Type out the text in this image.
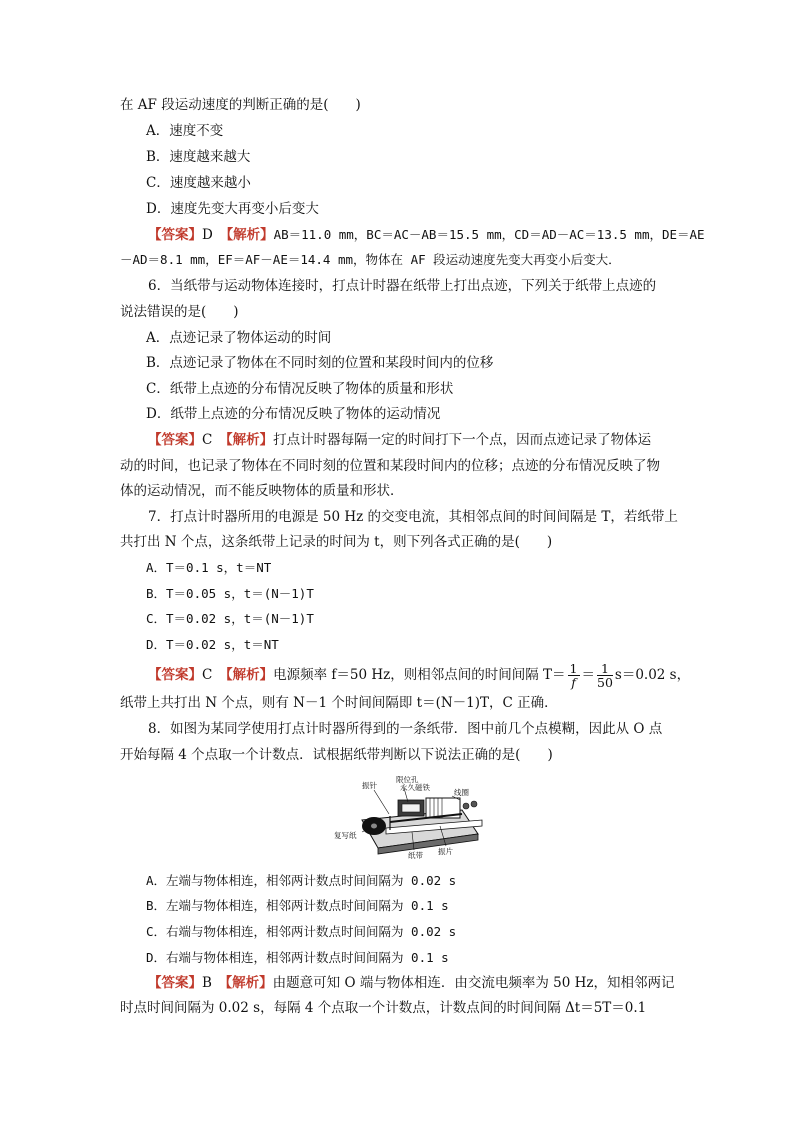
在 AF 段运动速度的判断正确的是(　　)
A．速度不变
B．速度越来越大
C．速度越来越小
D．速度先变大再变小后变大
【答案】D　 【解析】AB＝11.0 mm，BC＝AC－AB＝15.5 mm，CD＝AD－AC＝13.5 mm，DE＝AE
－AD＝8.1 mm，EF＝AF－AE＝14.4 mm，物体在 AF 段运动速度先变大再变小后变大．
6．当纸带与运动物体连接时，打点计时器在纸带上打出点迹，下列关于纸带上点迹的
说法错误的是(　　)
A．点迹记录了物体运动的时间
B．点迹记录了物体在不同时刻的位置和某段时间内的位移
C．纸带上点迹的分布情况反映了物体的质量和形状
D．纸带上点迹的分布情况反映了物体的运动情况
【答案】C　 【解析】打点计时器每隔一定的时间打下一个点，因而点迹记录了物体运
动的时间，也记录了物体在不同时刻的位置和某段时间内的位移；点迹的分布情况反映了物
体的运动情况，而不能反映物体的质量和形状．
7．打点计时器所用的电源是 50 Hz 的交变电流，其相邻点间的时间间隔是 T，若纸带上
共打出 N 个点，这条纸带上记录的时间为 t，则下列各式正确的是(　　)
A．T＝0.1 s，t＝NT
B．T＝0.05 s，t＝(N－1)T
C．T＝0.02 s，t＝(N－1)T
D．T＝0.02 s，t＝NT
【答案】C　 【解析】电源频率 f＝50 Hz，则相邻点间的时间间隔 $T= \frac{1}{f} = \frac{1}{50} s=0.02$ s，
纸带上共打出 N 个点，则有 N－1 个时间间隔即 t＝(N－1)T，C 正确．
8．如图为某同学使用打点计时器所得到的一条纸带．图中前几个点模糊，因此从 O 点
开始每隔 4 个点取一个计数点．试根据纸带判断以下说法正确的是(　　)
振针
限位孔
永久磁铁
线圈
复写纸
纸带 振片
A．左端与物体相连，相邻两计数点时间间隔为 0.02 s
B．左端与物体相连，相邻两计数点时间间隔为 0.1 s
C．右端与物体相连，相邻两计数点时间间隔为 0.02 s
D．右端与物体相连，相邻两计数点时间间隔为 0.1 s
【答案】B　 【解析】由题意可知 O 端与物体相连．由交流电频率为 50 Hz，知相邻两记
时点时间间隔为 0.02 s，每隔 4 个点取一个计数点，计数点间的时间间隔 Δt＝5T＝0.1
